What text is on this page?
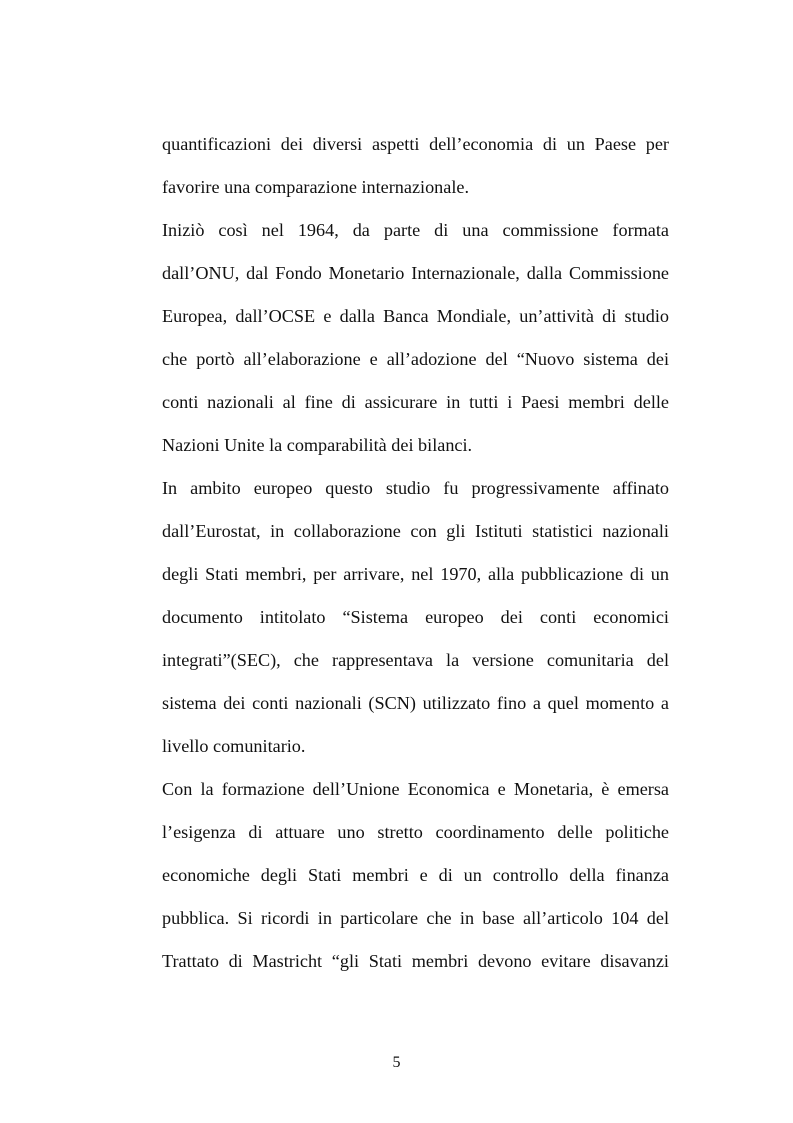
quantificazioni dei diversi aspetti dell’economia di un Paese per
favorire una comparazione internazionale.
Iniziò così nel 1964, da parte di una commissione formata
dall’ONU, dal Fondo Monetario Internazionale, dalla Commissione
Europea, dall’OCSE e dalla Banca Mondiale, un’attività di studio
che portò all’elaborazione e all’adozione del “Nuovo sistema dei
conti nazionali al fine di assicurare in tutti i Paesi membri delle
Nazioni Unite la comparabilità dei bilanci.
In ambito europeo questo studio fu progressivamente affinato
dall’Eurostat, in collaborazione con gli Istituti statistici nazionali
degli Stati membri, per arrivare, nel 1970, alla pubblicazione di un
documento intitolato “Sistema europeo dei conti economici
integrati”(SEC), che rappresentava la versione comunitaria del
sistema dei conti nazionali (SCN) utilizzato fino a quel momento a
livello comunitario.
Con la formazione dell’Unione Economica e Monetaria, è emersa
l’esigenza di attuare uno stretto coordinamento delle politiche
economiche degli Stati membri e di un controllo della finanza
pubblica. Si ricordi in particolare che in base all’articolo 104 del
Trattato di Mastricht “gli Stati membri devono evitare disavanzi
5
